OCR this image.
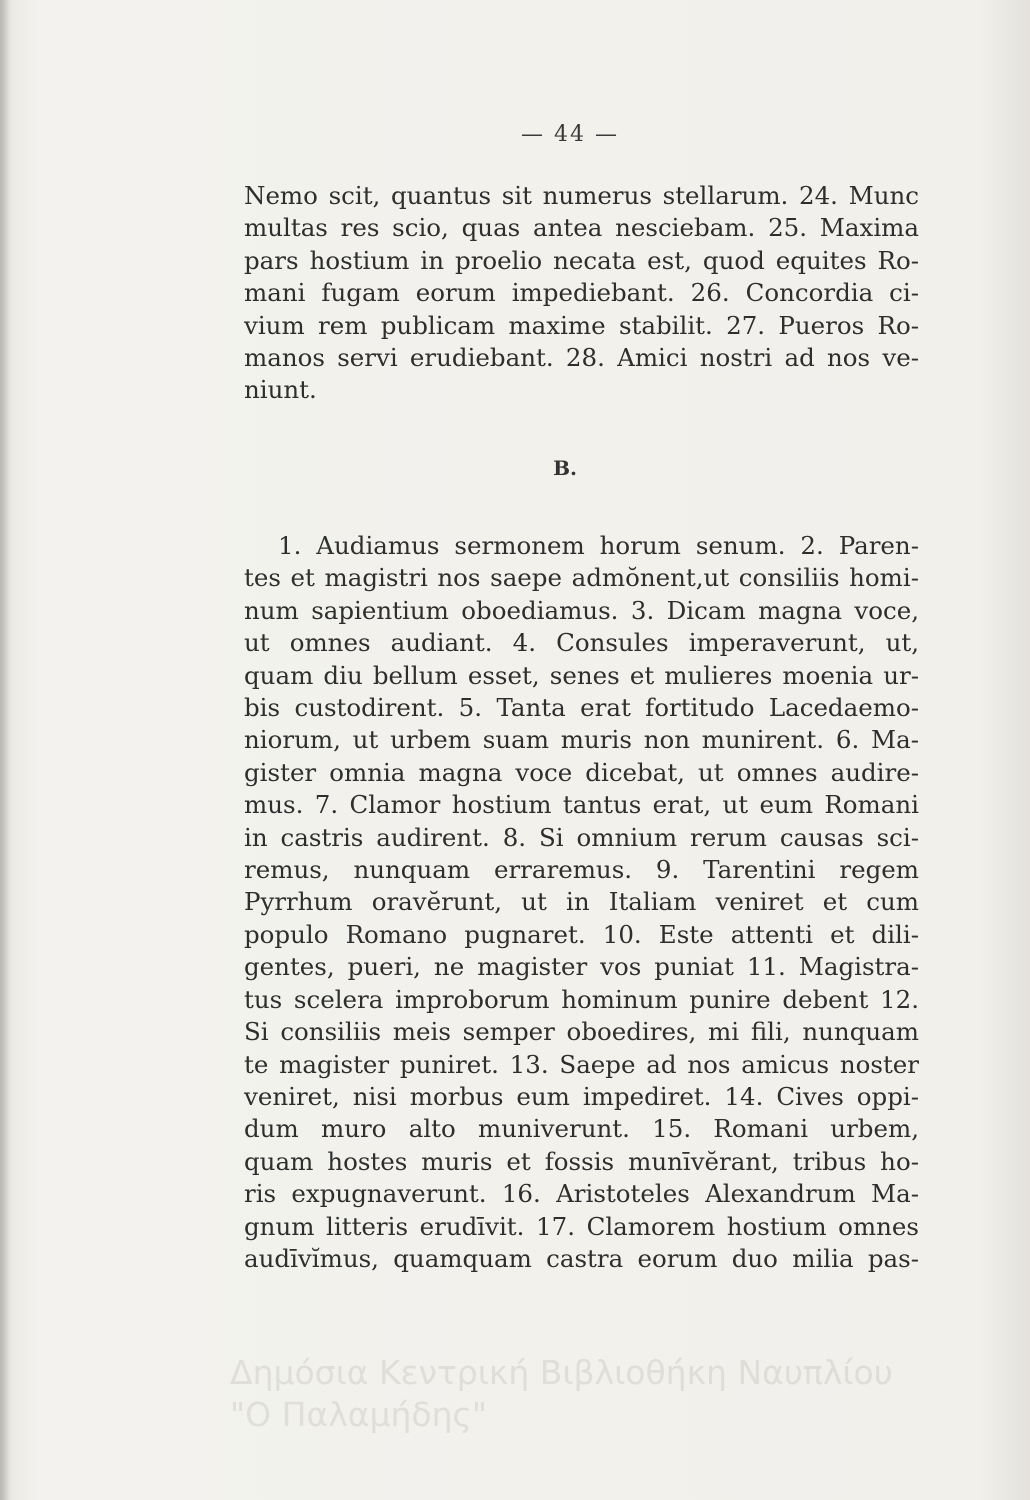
— 44 —
Nemo scit, quantus sit numerus stellarum. 24. Munc
multas res scio, quas antea nesciebam. 25. Maxima
pars hostium in proelio necata est, quod equites Ro-
mani fugam eorum impediebant. 26. Concordia ci-
vium rem publicam maxime stabilit. 27. Pueros Ro-
manos servi erudiebant. 28. Amici nostri ad nos ve-
niunt.
B.
1. Audiamus sermonem horum senum. 2. Paren-
tes et magistri nos saepe admŏnent,ut consiliis homi-
num sapientium oboediamus. 3. Dicam magna voce,
ut omnes audiant. 4. Consules imperaverunt, ut,
quam diu bellum esset, senes et mulieres moenia ur-
bis custodirent. 5. Tanta erat fortitudo Lacedaemo-
niorum, ut urbem suam muris non munirent. 6. Ma-
gister omnia magna voce dicebat, ut omnes audire-
mus. 7. Clamor hostium tantus erat, ut eum Romani
in castris audirent. 8. Si omnium rerum causas sci-
remus, nunquam erraremus. 9. Tarentini regem
Pyrrhum oravĕrunt, ut in Italiam veniret et cum
populo Romano pugnaret. 10. Este attenti et dili-
gentes, pueri, ne magister vos puniat 11. Magistra-
tus scelera improborum hominum punire debent 12.
Si consiliis meis semper oboedires, mi fili, nunquam
te magister puniret. 13. Saepe ad nos amicus noster
veniret, nisi morbus eum impediret. 14. Cives oppi-
dum muro alto muniverunt. 15. Romani urbem,
quam hostes muris et fossis munīvĕrant, tribus ho-
ris expugnaverunt. 16. Aristoteles Alexandrum Ma-
gnum litteris erudīvit. 17. Clamorem hostium omnes
audīvĭmus, quamquam castra eorum duo milia pas-
Δημόσια Κεντρική Βιβλιοθήκη Ναυπλίου
"Ο Παλαμήδης"
